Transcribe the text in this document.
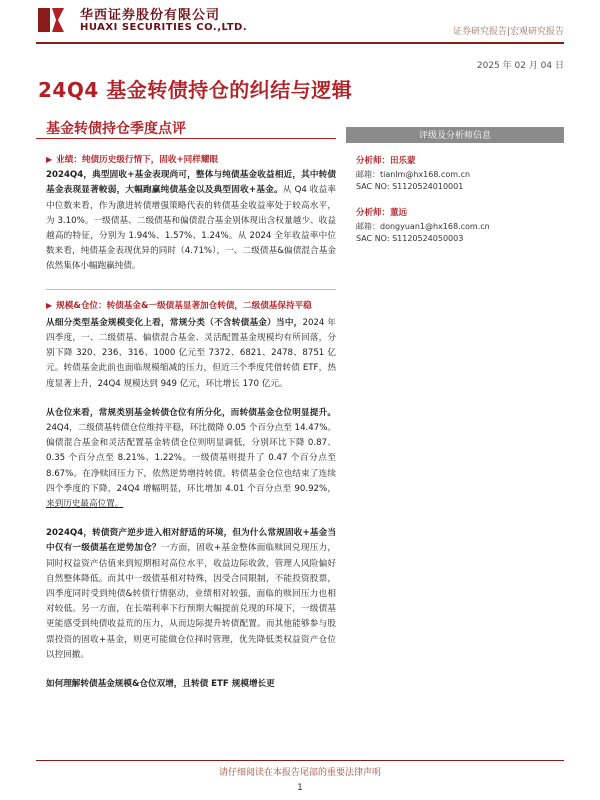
华西证券股份有限公司
HUAXI SECURITIES CO.,LTD.	证券研究报告|宏观研究报告
2025 年 02 月 04 日
24Q4 基金转债持仓的纠结与逻辑
基金转债持仓季度点评	评级及分析师信息
分析师：田乐蒙
邮箱：tianlm@hx168.com.cn
SAC NO: S1120524010001
分析师：董远
邮箱：dongyuan1@hx168.com.cn
SAC NO: S1120524050003
▶ 业绩：纯债历史级行情下，固收+同样耀眼

2024Q4，典型固收+基金表现尚可，整体与纯债基金收益相近，其中转债基金表现显著較弱，大幅跑赢纯债基金以及典型固收+基金。从 Q4 收益率中位数来看，作为激进转债增强策略代表的转债基金收益率处于较高水平，为 3.10%。一级债基、二级债基和偏债混合基金别体现出含权量越少、收益越高的特征，分别为 1.94%、1.57%、1.24%。从 2024 全年收益率中位数来看，纯债基金表现优异的同时（4.71%），一、二级债基&偏债混合基金依然集体小幅跑赢纯债。

▶ 规模&仓位：转债基金&一级债基显著加仓转债，二级债基保持平稳

从细分类型基金规模变化上看，常规分类（不含转债基金）当中，2024 年四季度，一、二级债基、偏债混合基金、灵活配置基金规模均有所回落，分别下降 320、236、316、1000 亿元至 7372、6821、2478、8751 亿元。转债基金此前也面临规模缩减的压力，但近三个季度凭借转债 ETF，热度显著上升，24Q4 规模达到 949 亿元，环比增长 170 亿元。

从仓位来看，常规类别基金转债仓位有所分化，而转债基金仓位明显提升。24Q4，二级债基转债仓位维持平稳，环比微降 0.05 个百分点至 14.47%。偏债混合基金和灵活配置基金转债仓位则明显调低，分别环比下降 0.87、0.35 个百分点至 8.21%、1.22%。一级债基则提升了 0.47 个百分点至 8.67%。在净赎回压力下，依然逆势增持转债。转债基金仓位也结束了连续四个季度的下降，24Q4 增幅明显，环比增加 4.01 个百分点至 90.92%，来到历史最高位置。

2024Q4，转债资产逆步进入相对舒适的环境，但为什么常规固收+基金当中仅有一级债基在逆势加仓？一方面，固收+基金整体面临赎回兑现压力，同时权益资产估值来到短期相对高位水平，收益边际收敛，管理人风险偏好自然整体降低。而其中一级债基相对特殊，因受合同限制，不能投资股票，四季度同时受到纯债&转债行情驱动，业绩相对较强，面临的赎回压力也相对较低。另一方面，在长端利率下行预期大幅提前兑现的环境下，一级债基更能感受到纯债收益荒的压力，从而边际提升转债配置。而其他能够参与股票投资的固收+基金，则更可能做仓位择时管理，优先降低类权益资产仓位以控回撤。

如何理解转债基金规模&仓位双增，且转债 ETF 规模增长更

请仔细阅读在本报告尾部的重要法律声明
1
